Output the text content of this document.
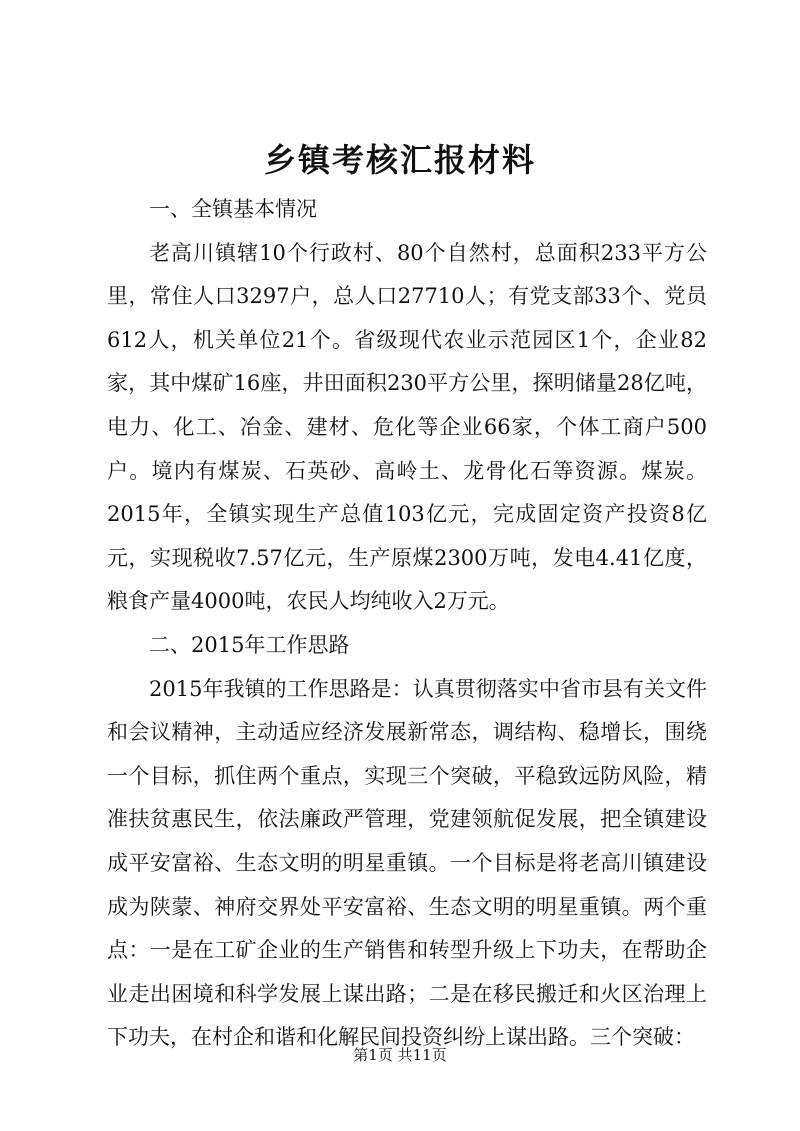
乡镇考核汇报材料

一、全镇基本情况

老高川镇辖10个行政村、80个自然村，总面积233平方公里，常住人口3297户，总人口27710人；有党支部33个、党员612人，机关单位21个。省级现代农业示范园区1个，企业82家，其中煤矿16座，井田面积230平方公里，探明储量28亿吨，电力、化工、冶金、建材、危化等企业66家，个体工商户500户。境内有煤炭、石英砂、高岭土、龙骨化石等资源。煤炭。2015年，全镇实现生产总值103亿元，完成固定资产投资8亿元，实现税收7.57亿元，生产原煤2300万吨，发电4.41亿度，粮食产量4000吨，农民人均纯收入2万元。

二、2015年工作思路

2015年我镇的工作思路是：认真贯彻落实中省市县有关文件和会议精神，主动适应经济发展新常态，调结构、稳增长，围绕一个目标，抓住两个重点，实现三个突破，平稳致远防风险，精准扶贫惠民生，依法廉政严管理，党建领航促发展，把全镇建设成平安富裕、生态文明的明星重镇。一个目标是将老高川镇建设成为陕蒙、神府交界处平安富裕、生态文明的明星重镇。两个重点：一是在工矿企业的生产销售和转型升级上下功夫，在帮助企业走出困境和科学发展上谋出路；二是在移民搬迁和火区治理上下功夫，在村企和谐和化解民间投资纠纷上谋出路。三个突破：

第1页 共11页
